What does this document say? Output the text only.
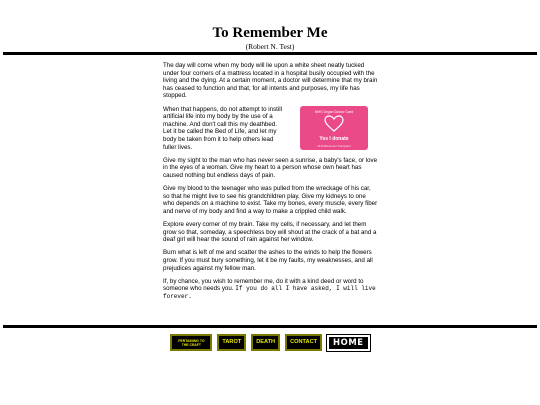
To Remember Me
(Robert N. Test)

The day will come when my body will lie upon a white sheet neatly tucked under four corners of a mattress located in a hospital busily occupied with the living and the dying. At a certain moment, a doctor will determine that my brain has ceased to function and that, for all intents and purposes, my life has stopped.

When that happens, do not attempt to instill artificial life into my body by the use of a machine. And don't call this my deathbed. Let it be called the Bed of Life, and let my body be taken from it to help others lead fuller lives.

NHS Organ Donor Card
Yes I donate
NHS Blood and Transplant

Give my sight to the man who has never seen a sunrise, a baby's face, or love in the eyes of a woman. Give my heart to a person whose own heart has caused nothing but endless days of pain.

Give my blood to the teenager who was pulled from the wreckage of his car, so that he might live to see his grandchildren play. Give my kidneys to one who depends on a machine to exist. Take my bones, every muscle, every fiber and nerve of my body and find a way to make a crippled child walk.

Explore every corner of my brain. Take my cells, if necessary, and let them grow so that, someday, a speechless boy will shout at the crack of a bat and a deaf girl will hear the sound of rain against her window.

Burn what is left of me and scatter the ashes to the winds to help the flowers grow. If you must bury something, let it be my faults, my weaknesses, and all prejudices against my fellow man.

If, by chance, you wish to remember me, do it with a kind deed or word to someone who needs you. If you do all I have asked, I will live forever.

PERTAINING TO THE CRAFT	TAROT	DEATH	CONTACT	HOME
